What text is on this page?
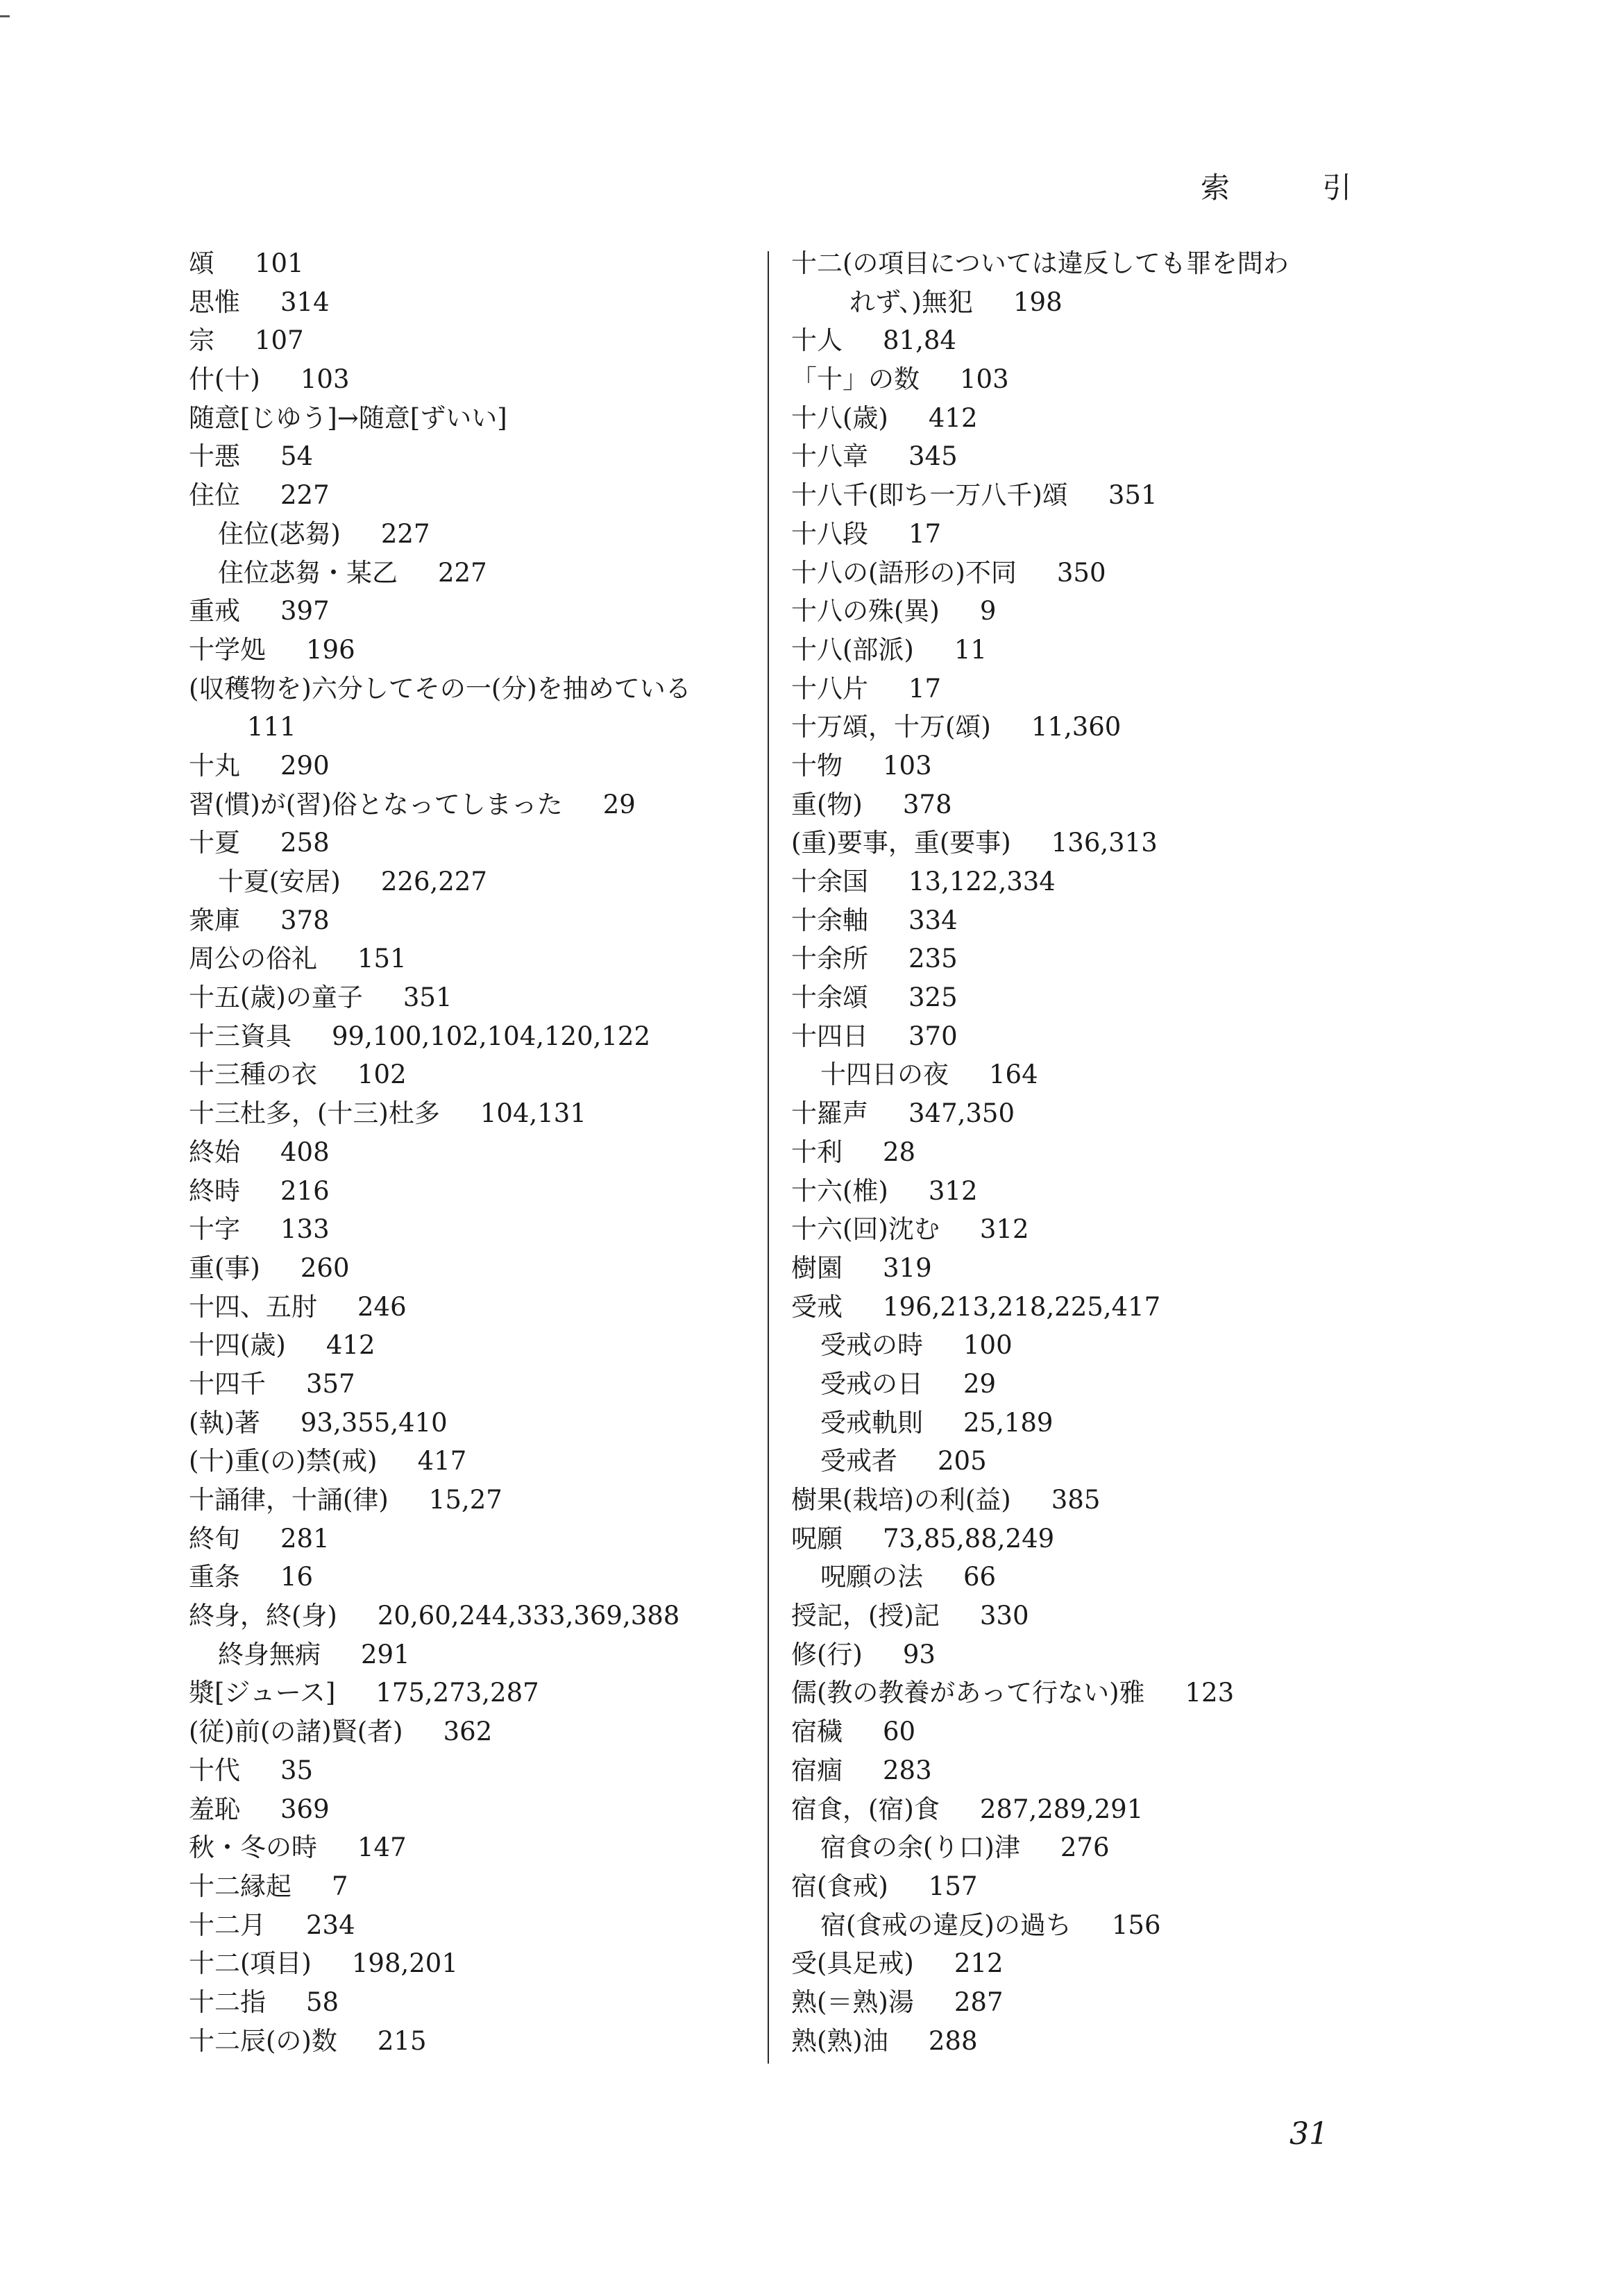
索 引
頌 101
思惟 314
宗 107
什(十) 103
随意[じゆう]→随意[ずいい]
十悪 54
住位 227
住位(苾芻) 227
住位苾芻・某乙 227
重戒 397
十学処 196
(収穫物を)六分してその一(分)を抽めている
111
十丸 290
習(慣)が(習)俗となってしまった 29
十夏 258
十夏(安居) 226,227
衆庫 378
周公の俗礼 151
十五(歳)の童子 351
十三資具 99,100,102,104,120,122
十三種の衣 102
十三杜多，(十三)杜多 104,131
終始 408
終時 216
十字 133
重(事) 260
十四、五肘 246
十四(歳) 412
十四千 357
(執)著 93,355,410
(十)重(の)禁(戒) 417
十誦律，十誦(律) 15,27
終旬 281
重条 16
終身，終(身) 20,60,244,333,369,388
終身無病 291
漿[ジュース] 175,273,287
(従)前(の諸)賢(者) 362
十代 35
羞恥 369
秋・冬の時 147
十二縁起 7
十二月 234
十二(項目) 198,201
十二指 58
十二辰(の)数 215
十二(の項目については違反しても罪を問わ
れず、)無犯 198
十人 81,84
「十」の数 103
十八(歳) 412
十八章 345
十八千(即ち一万八千)頌 351
十八段 17
十八の(語形の)不同 350
十八の殊(異) 9
十八(部派) 11
十八片 17
十万頌，十万(頌) 11,360
十物 103
重(物) 378
(重)要事，重(要事) 136,313
十余国 13,122,334
十余軸 334
十余所 235
十余頌 325
十四日 370
十四日の夜 164
十羅声 347,350
十利 28
十六(椎) 312
十六(回)沈む 312
樹園 319
受戒 196,213,218,225,417
受戒の時 100
受戒の日 29
受戒軌則 25,189
受戒者 205
樹果(栽培)の利(益) 385
呪願 73,85,88,249
呪願の法 66
授記，(授)記 330
修(行) 93
儒(教の教養があって行ない)雅 123
宿穢 60
宿痼 283
宿食，(宿)食 287,289,291
宿食の余(り口)津 276
宿(食戒) 157
宿(食戒の違反)の過ち 156
受(具足戒) 212
熟(＝熟)湯 287
熟(熟)油 288
31
